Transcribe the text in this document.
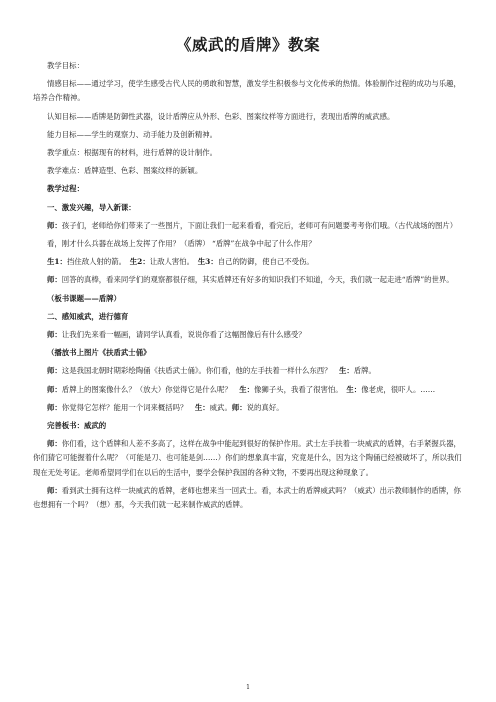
《威武的盾牌》教案

教学目标：

情感目标——通过学习，使学生感受古代人民的勇敢和智慧，激发学生积极参与文化传承的热情。体验制作过程的成功与乐趣，培养合作精神。

认知目标——盾牌是防御性武器，设计盾牌应从外形、色彩、图案纹样等方面进行，表现出盾牌的威武感。

能力目标——学生的观察力、动手能力及创新精神。

教学重点：根据现有的材料，进行盾牌的设计制作。

教学难点：盾牌造型、色彩、图案纹样的新颖。

教学过程：

一、激发兴趣，导入新课：

师：孩子们，老师给你们带来了一些图片，下面让我们一起来看看，看完后，老师可有问题要考考你们哦。（古代战场的图片）

看，刚才什么兵器在战场上发挥了作用？（盾牌） “盾牌”在战争中起了什么作用？

生1：挡住敌人射的箭。　 生2：让敌人害怕。　 生3：自己的防御，使自己不受伤。

师：回答的真棒，看来同学们的观察都很仔细，其实盾牌还有好多的知识我们不知道，今天，我们就一起走进“盾牌”的世界。

（板书课题——盾牌）

二、感知威武，进行德育

师：让我们先来看一幅画，请同学认真看，说说你看了这幅图像后有什么感受？

（播放书上图片《扶盾武士俑》

师：这是我国北朝时期彩绘陶俑《扶盾武士俑》。你们看，他的左手扶着一样什么东西？　 生：盾牌。

师：盾牌上的图案像什么？（放大）你觉得它是什么呢？　 生：像狮子头，我看了很害怕。　 生：像老虎，很吓人。……

师：你觉得它怎样？能用一个词来概括吗？　 生：威武。师：说的真好。

完善板书：威武的

师：你们看，这个盾牌和人差不多高了，这样在战争中能起到很好的保护作用。武士左手扶着一块威武的盾牌，右手紧握兵器，你们猜它可能握着什么呢？（可能是刀、也可能是剑……）你们的想象真丰富，究竟是什么，因为这个陶俑已经被破坏了，所以我们现在无处考证。老师希望同学们在以后的生活中，要学会保护我国的各种文物，不要再出现这种现象了。

师：看到武士拥有这样一块威武的盾牌，老师也想来当一回武士。看，本武士的盾牌威武吗？（威武）出示教师制作的盾牌，你也想拥有一个吗？（想）那，今天我们就一起来制作威武的盾牌。

1
